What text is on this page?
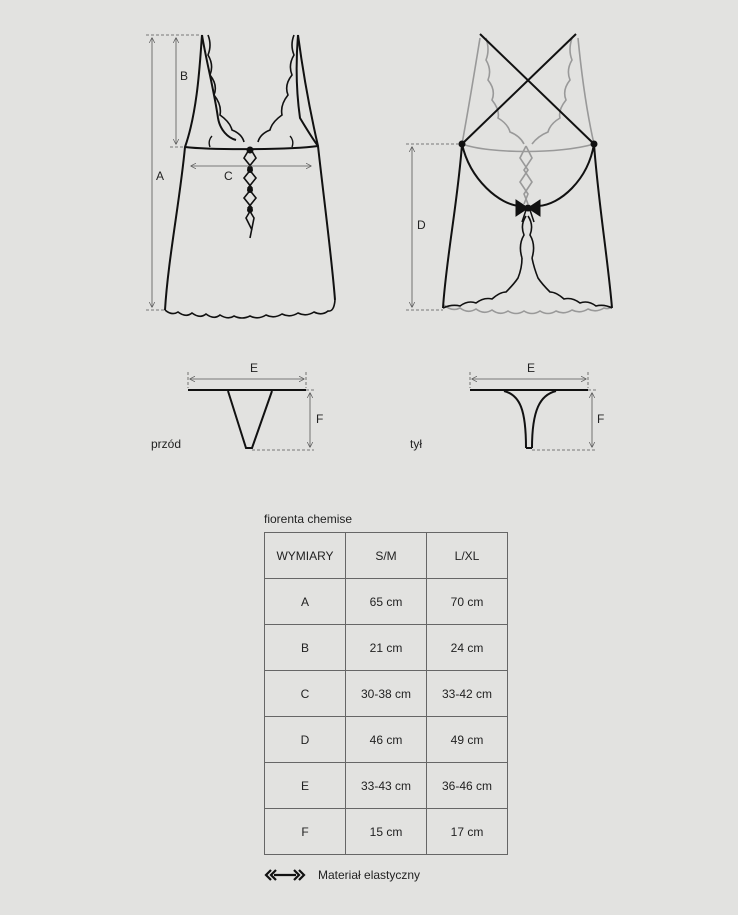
A
B
C
D
E
F
przód
E
F
tył
fiorenta chemise
WYMIARY	S/M	L/XL
A	65 cm	70 cm
B	21 cm	24 cm
C	30-38 cm	33-42 cm
D	46 cm	49 cm
E	33-43 cm	36-46 cm
F	15 cm	17 cm
Materiał elastyczny
